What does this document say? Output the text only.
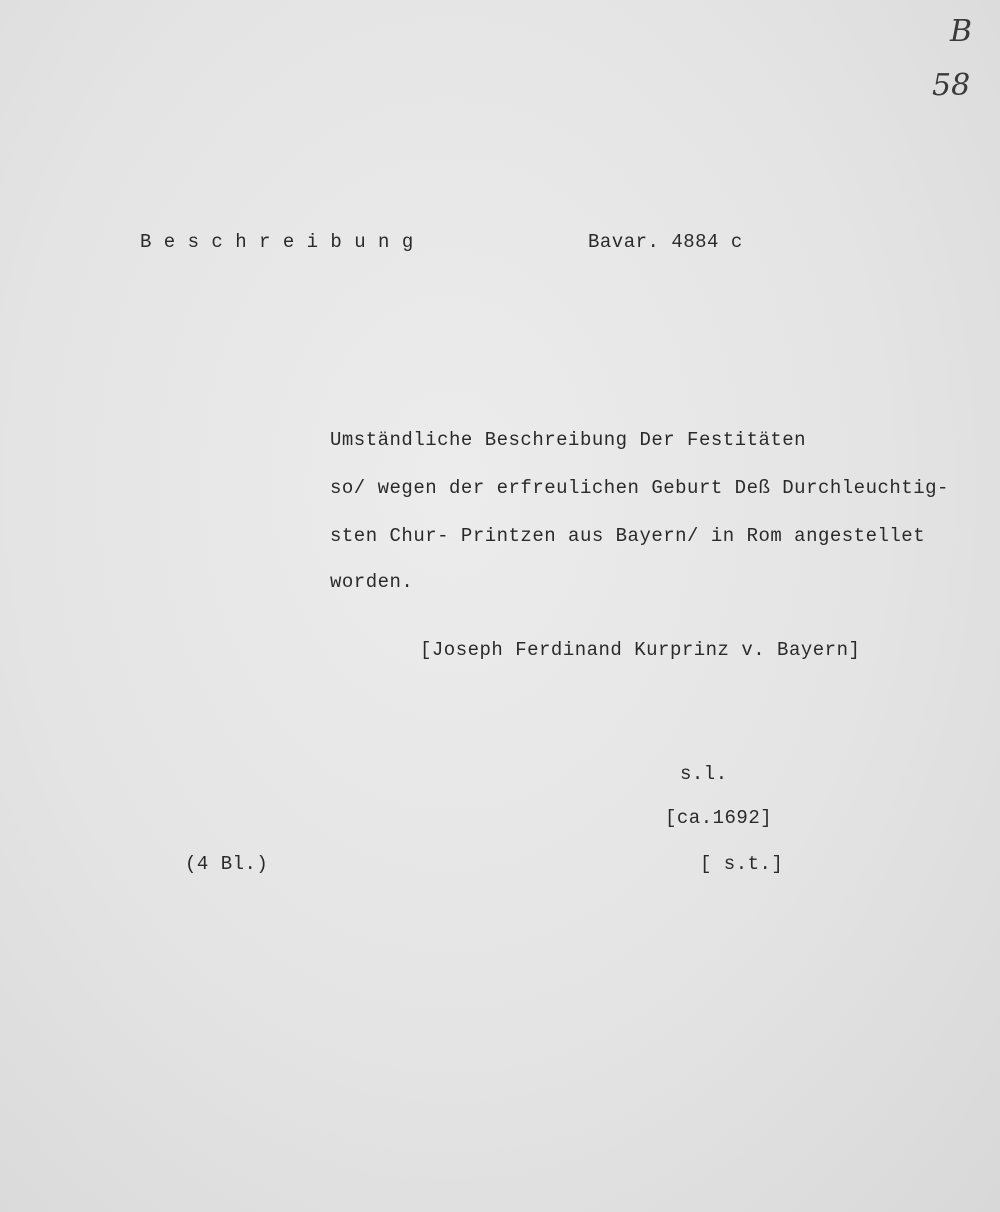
B
58
B e s c h r e i b u n g	Bavar. 4884 c
Umständliche Beschreibung Der Festitäten
so/ wegen der erfreulichen Geburt Deß Durchleuchtig-
sten Chur- Printzen aus Bayern/ in Rom angestellet
worden.
[Joseph Ferdinand Kurprinz v. Bayern]
s.l.
[ca.1692]
[ s.t.]
(4 Bl.)
